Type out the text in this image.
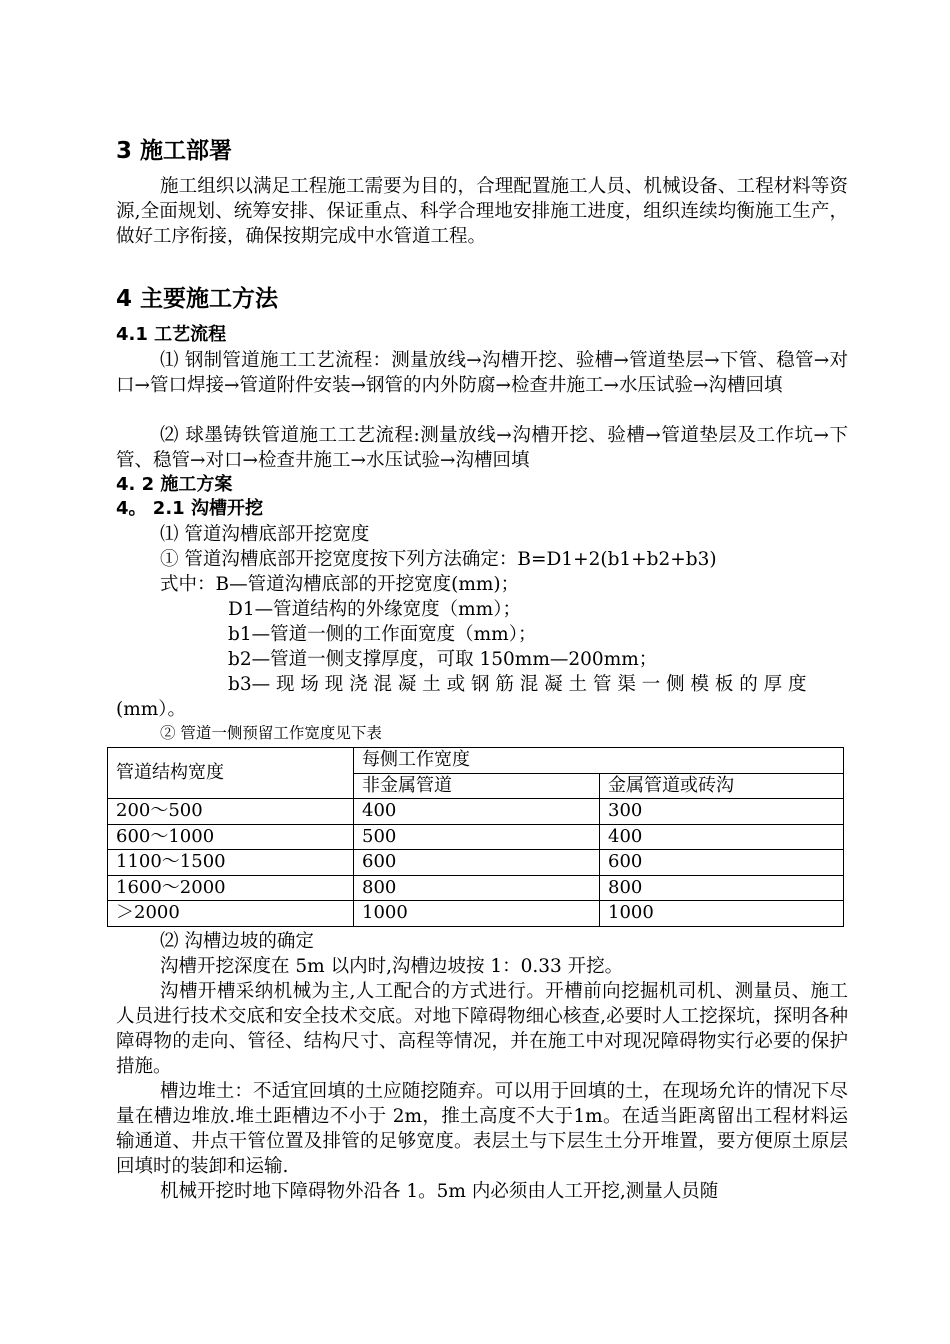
3 施工部署
施工组织以满足工程施工需要为目的，合理配置施工人员、机械设备、工程材料等资源,全面规划、统筹安排、保证重点、科学合理地安排施工进度，组织连续均衡施工生产，做好工序衔接，确保按期完成中水管道工程。
4 主要施工方法
4.1 工艺流程
⑴ 钢制管道施工工艺流程：测量放线→沟槽开挖、验槽→管道垫层→下管、稳管→对口→管口焊接→管道附件安装→钢管的内外防腐→检查井施工→水压试验→沟槽回填
⑵ 球墨铸铁管道施工工艺流程:测量放线→沟槽开挖、验槽→管道垫层及工作坑→下管、稳管→对口→检查井施工→水压试验→沟槽回填
4. 2 施工方案
4。 2.1 沟槽开挖
⑴ 管道沟槽底部开挖宽度
① 管道沟槽底部开挖宽度按下列方法确定：B=D1+2(b1+b2+b3)
式中：B—管道沟槽底部的开挖宽度(mm)；
D1—管道结构的外缘宽度（mm）；
b1—管道一侧的工作面宽度（mm）；
b2—管道一侧支撑厚度，可取 150mm—200mm；
b3— 现 场 现 浇 混 凝 土 或 钢 筋 混 凝 土 管 渠 一 侧 模 板 的 厚 度
(mm）。
② 管道一侧预留工作宽度见下表
管道结构宽度	每侧工作宽度	
	非金属管道	金属管道或砖沟
200～500	400	300
600～1000	500	400
1100～1500	600	600
1600～2000	800	800
＞2000	1000	1000
⑵ 沟槽边坡的确定
沟槽开挖深度在 5m 以内时,沟槽边坡按 1：0.33 开挖。
沟槽开槽采纳机械为主,人工配合的方式进行。开槽前向挖掘机司机、测量员、施工人员进行技术交底和安全技术交底。对地下障碍物细心核查,必要时人工挖探坑，探明各种障碍物的走向、管径、结构尺寸、高程等情况，并在施工中对现况障碍物实行必要的保护措施。
槽边堆土：不适宜回填的土应随挖随弃。可以用于回填的土，在现场允许的情况下尽量在槽边堆放.堆土距槽边不小于 2m，推土高度不大于1m。在适当距离留出工程材料运输通道、井点干管位置及排管的足够宽度。表层土与下层生土分开堆置，要方便原土原层回填时的装卸和运输.
机械开挖时地下障碍物外沿各 1。5m 内必须由人工开挖,测量人员随
